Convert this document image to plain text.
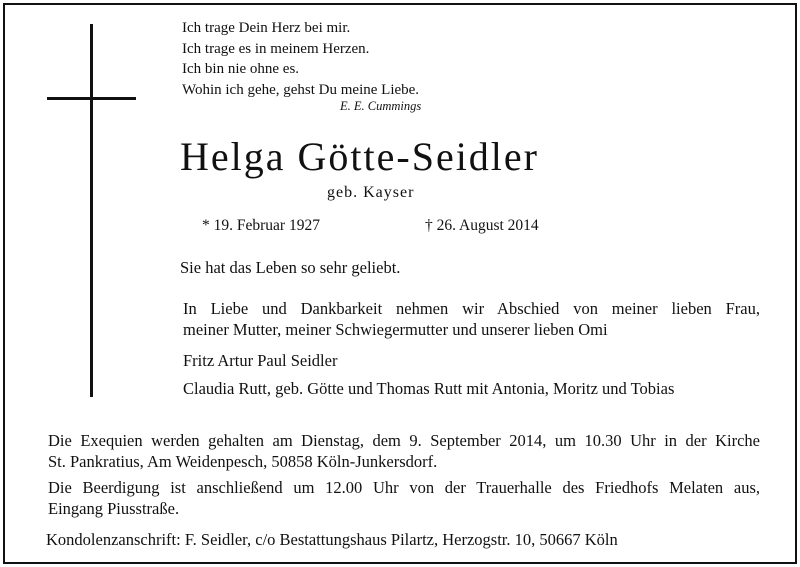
Ich trage Dein Herz bei mir.
Ich trage es in meinem Herzen.
Ich bin nie ohne es.
Wohin ich gehe, gehst Du meine Liebe.
E. E. Cummings
Helga Götte-Seidler
geb. Kayser
* 19. Februar 1927	† 26. August 2014
Sie hat das Leben so sehr geliebt.
In Liebe und Dankbarkeit nehmen wir Abschied von meiner lieben Frau,
meiner Mutter, meiner Schwiegermutter und unserer lieben Omi
Fritz Artur Paul Seidler
Claudia Rutt, geb. Götte und Thomas Rutt mit Antonia, Moritz und Tobias
Die Exequien werden gehalten am Dienstag, dem 9. September 2014, um 10.30 Uhr in der Kirche
St. Pankratius, Am Weidenpesch, 50858 Köln-Junkersdorf.
Die Beerdigung ist anschließend um 12.00 Uhr von der Trauerhalle des Friedhofs Melaten aus,
Eingang Piusstraße.
Kondolenzanschrift: F. Seidler, c/o Bestattungshaus Pilartz, Herzogstr. 10, 50667 Köln
